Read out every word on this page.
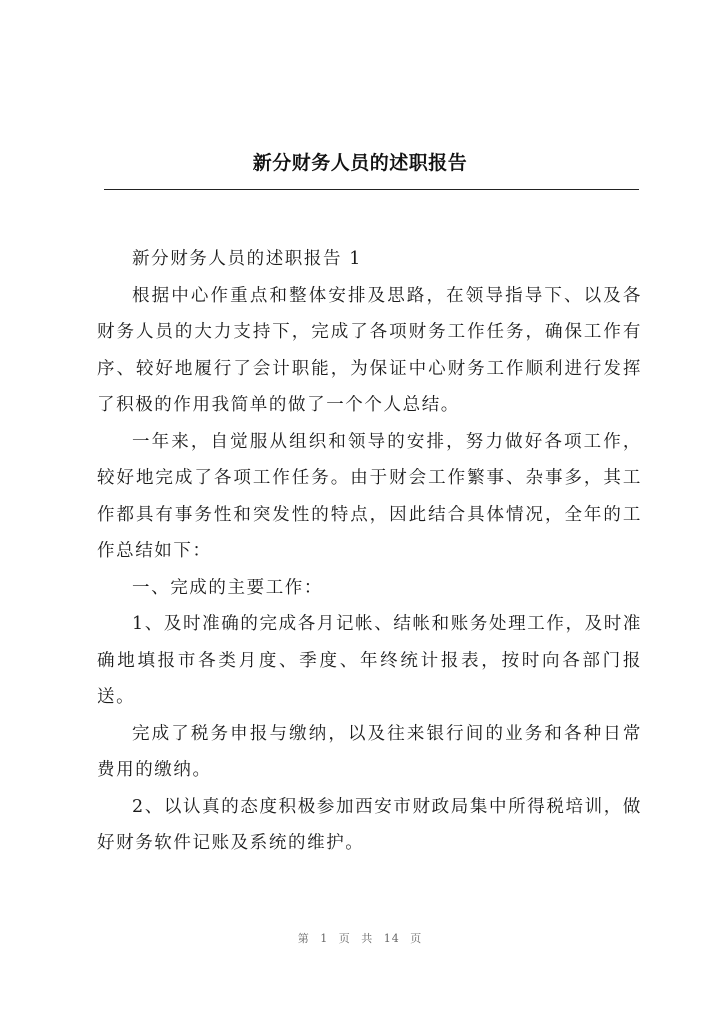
新分财务人员的述职报告

新分财务人员的述职报告 1

根据中心作重点和整体安排及思路，在领导指导下、以及各财务人员的大力支持下，完成了各项财务工作任务，确保工作有序、较好地履行了会计职能，为保证中心财务工作顺利进行发挥了积极的作用我简单的做了一个个人总结。

一年来，自觉服从组织和领导的安排，努力做好各项工作，较好地完成了各项工作任务。由于财会工作繁事、杂事多，其工作都具有事务性和突发性的特点，因此结合具体情况，全年的工作总结如下：

一、完成的主要工作：

1、及时准确的完成各月记帐、结帐和账务处理工作，及时准确地填报市各类月度、季度、年终统计报表，按时向各部门报送。

完成了税务申报与缴纳，以及往来银行间的业务和各种日常费用的缴纳。

2、以认真的态度积极参加西安市财政局集中所得税培训，做好财务软件记账及系统的维护。

第 1 页 共 14 页
